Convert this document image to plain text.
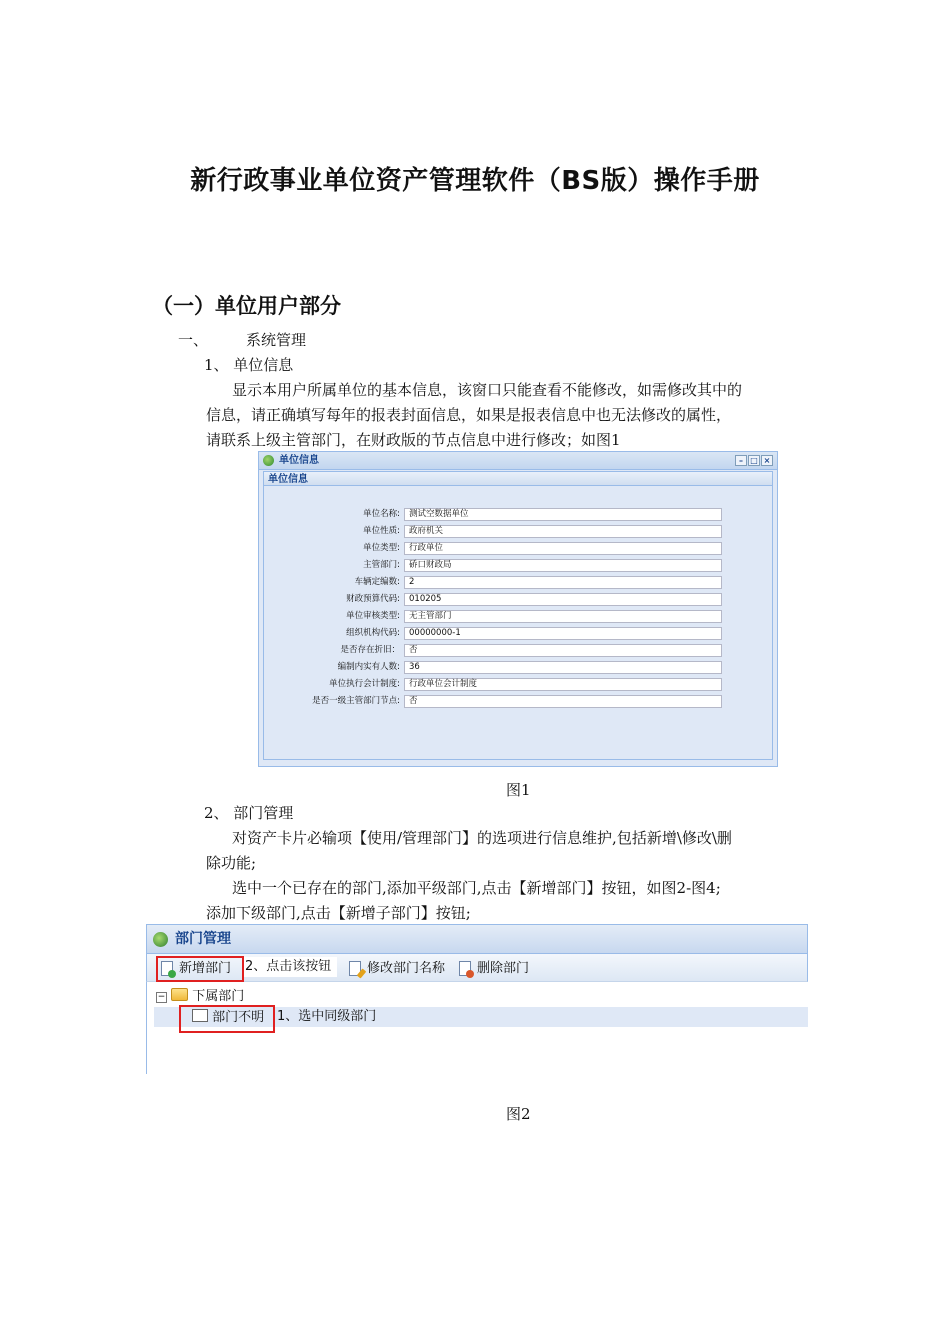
新行政事业单位资产管理软件（BS版）操作手册
（一）单位用户部分
一、	系统管理
1、 单位信息
显示本用户所属单位的基本信息，该窗口只能查看不能修改，如需修改其中的
信息，请正确填写每年的报表封面信息，如果是报表信息中也无法修改的属性，
请联系上级主管部门，在财政版的节点信息中进行修改；如图1
单位信息	– □ ×
单位信息
单位名称:	测试空数据单位
单位性质:	政府机关
单位类型:	行政单位
主管部门:	硚口财政局
车辆定编数:	2
财政预算代码:	010205
单位审核类型:	无主管部门
组织机构代码:	00000000-1
是否存在折旧：	否
编制内实有人数:	36
单位执行会计制度:	行政单位会计制度
是否一级主管部门节点:	否
图1
2、 部门管理
对资产卡片必输项【使用/管理部门】的选项进行信息维护,包括新增\修改\删
除功能;
选中一个已存在的部门,添加平级部门,点击【新增部门】按钮，如图2-图4;
添加下级部门,点击【新增子部门】按钮;
部门管理
新增部门 2、点击该按钮	修改部门名称	删除部门
− 下属部门
部门不明 1、选中同级部门
图2
